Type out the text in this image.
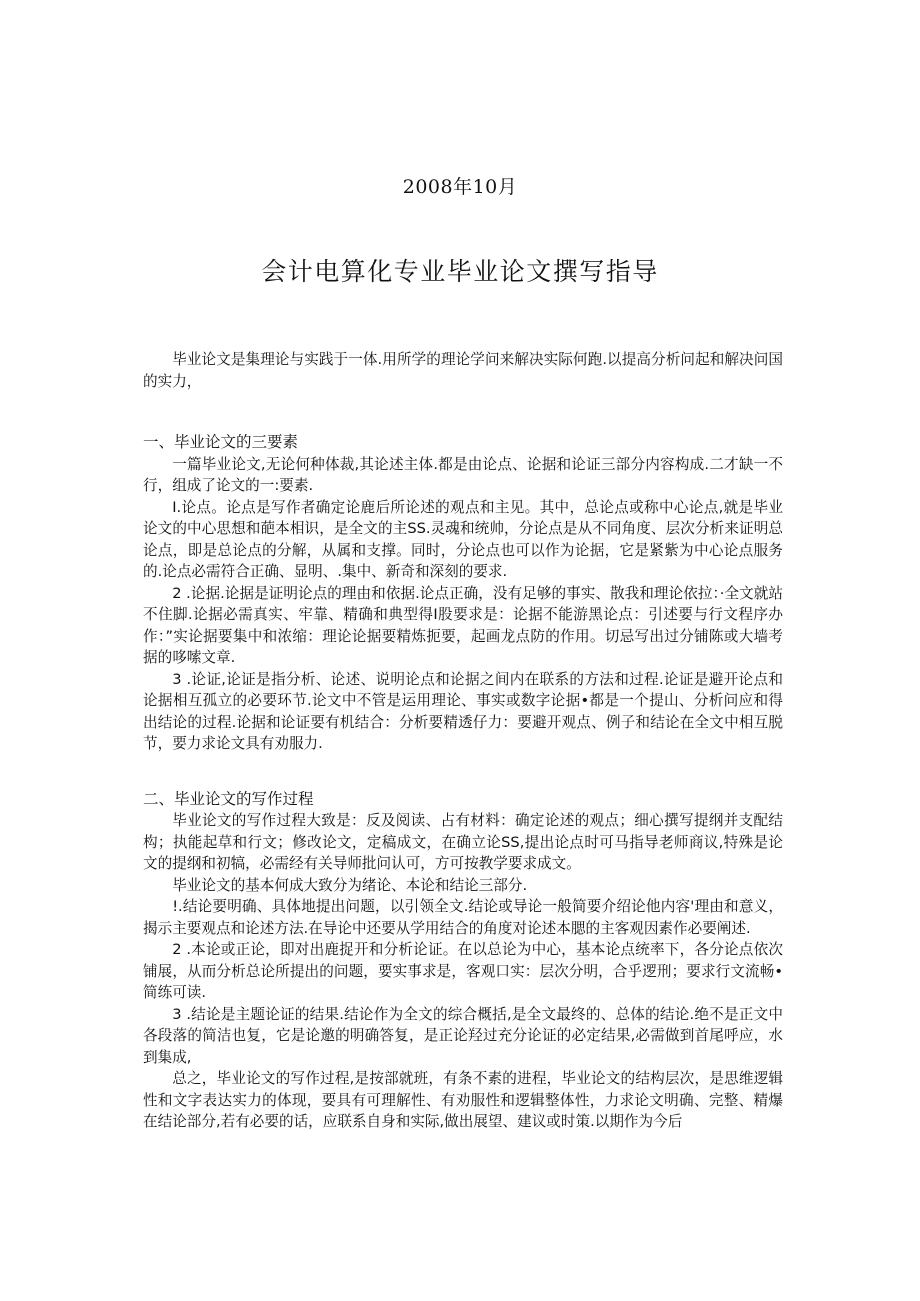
2008年10月
会计电算化专业毕业论文撰写指导

毕业论文是集理论与实践于一体.用所学的理论学问来解决实际何跑.以提高分析问起和解决问国的实力，

一、毕业论文的三要素

一篇毕业论文,无论何种体裁,其论述主体.都是由论点、论据和论证三部分内容构成.二才缺一不行，组成了论文的一:要素.

I.论点。论点是写作者确定论鹿后所论述的观点和主见。其中，总论点或称中心论点,就是毕业论文的中心思想和葩本相识，是全文的主SS.灵魂和统帅，分论点是从不同角度、层次分析来证明总论点，即是总论点的分解，从属和支撑。同时，分论点也可以作为论据，它是紧紫为中心论点服务的.论点必需符合正确、显明、.集中、新奇和深刻的要求.

2 .论据.论据是证明论点的理由和依据.论点正确，没有足够的事实、散我和理论依拉：·全文就站不住脚.论据必需真实、牢靠、精确和典型得I股要求是：论据不能游黑论点：引述要与行文程序办作：”实论据要集中和浓缩：理论论据要精炼扼要，起画龙点防的作用。切忌写出过分铺陈或大墙考据的哆嗦文章.

3 .论证,论证是指分析、论述、说明论点和论据之间内在联系的方法和过程.论证是避开论点和论据相互孤立的必要环节.论文中不管是运用理论、事实或数字论据•都是一个提山、分析问应和得出结论的过程.论据和论证要有机结合：分析要精透仔力：要避开观点、例子和结论在全文中相互脱节，要力求论文具有劝服力.

二、毕业论文的写作过程

毕业论文的写作过程大致是：反及阅读、占有材料：确定论述的观点；细心撰写提纲并支配结构；执能起草和行文；修改论文，定稿成文，在确立论SS,提出论点时可马指导老师商议,特殊是论文的提纲和初犒，必需经有关导师批问认可，方可按教学要求成文。

毕业论文的基本何成大致分为绪论、本论和结论三部分.

!.结论要明确、具体地提出问题，以引领全文.结论或导论一般简要介绍论他内容'理由和意义，揭示主要观点和论述方法.在导论中还要从学用结合的角度对论述本腮的主客观因素作必要阐述.

2 .本论或正论，即对出鹿捉开和分析论证。在以总论为中心，基本论点统率下，各分论点依次铺展，从而分析总论所提出的问题，要实事求是，客观口实：层次分明，合乎逻刑；要求行文流畅•简练可读.

3 .结论是主题论证的结果.结论作为全文的综合概括,是全文最终的、总体的结论.绝不是正文中各段落的简洁也复，它是论邀的明确答复，是正论羟过充分论证的必定结果,必需做到首尾呼应，水到集成,

总之，毕业论文的写作过程,是按部就班，有条不素的进程，毕业论文的结构层次，是思维逻辑性和文字表达实力的体现，要具有可理解性、有劝服性和逻辑整体性，力求论文明确、完整、精爆在结论部分,若有必要的话，应联系自身和实际,做出展望、建议或时策.以期作为今后
